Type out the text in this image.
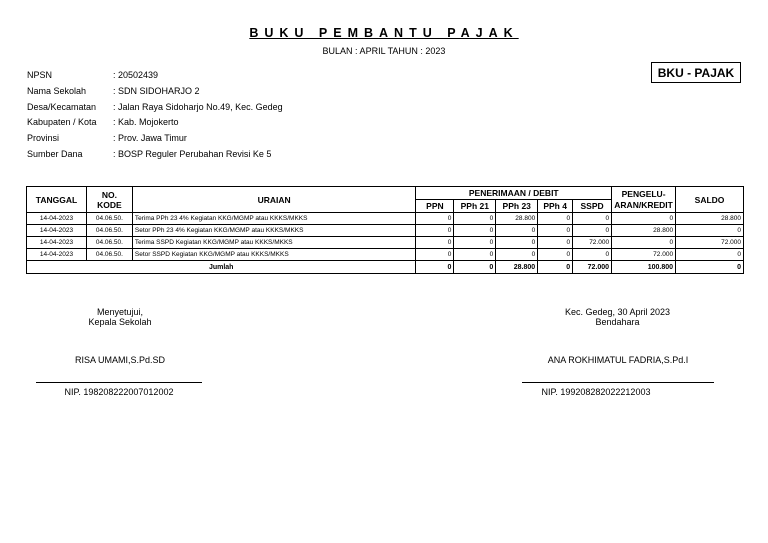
BUKU PEMBANTU PAJAK
BULAN : APRIL TAHUN : 2023
BKU - PAJAK
NPSN	: 20502439
Nama Sekolah	: SDN SIDOHARJO 2
Desa/Kecamatan	: Jalan Raya Sidoharjo No.49, Kec. Gedeg
Kabupaten / Kota	: Kab. Mojokerto
Provinsi	: Prov. Jawa Timur
Sumber Dana	: BOSP Reguler Perubahan Revisi Ke 5
TANGGAL	NO. KODE	URAIAN	PENERIMAAN / DEBIT					PENGELU-ARAN/KREDIT	SALDO
			PPN	PPh 21	PPh 23	PPh 4	SSPD		
14-04-2023	04.06.50.	Terima PPh 23 4% Kegiatan KKG/MGMP atau KKKS/MKKS	0	0	28.800	0	0	0	28.800
14-04-2023	04.06.50.	Setor PPh 23 4% Kegiatan KKG/MGMP atau KKKS/MKKS	0	0	0	0	0	28.800	0
14-04-2023	04.06.50.	Terima SSPD Kegiatan KKG/MGMP atau KKKS/MKKS	0	0	0	0	72.000	0	72.000
14-04-2023	04.06.50.	Setor SSPD Kegiatan KKG/MGMP atau KKKS/MKKS	0	0	0	0	0	72.000	0
Jumlah			0	0	28.800	0	72.000	100.800	0
Menyetujui,
Kepala Sekolah
RISA UMAMI,S.Pd.SD
NIP. 198208222007012002
Kec. Gedeg, 30 April 2023
Bendahara
ANA ROKHIMATUL FADRIA,S.Pd.I
NIP. 199208282022212003
